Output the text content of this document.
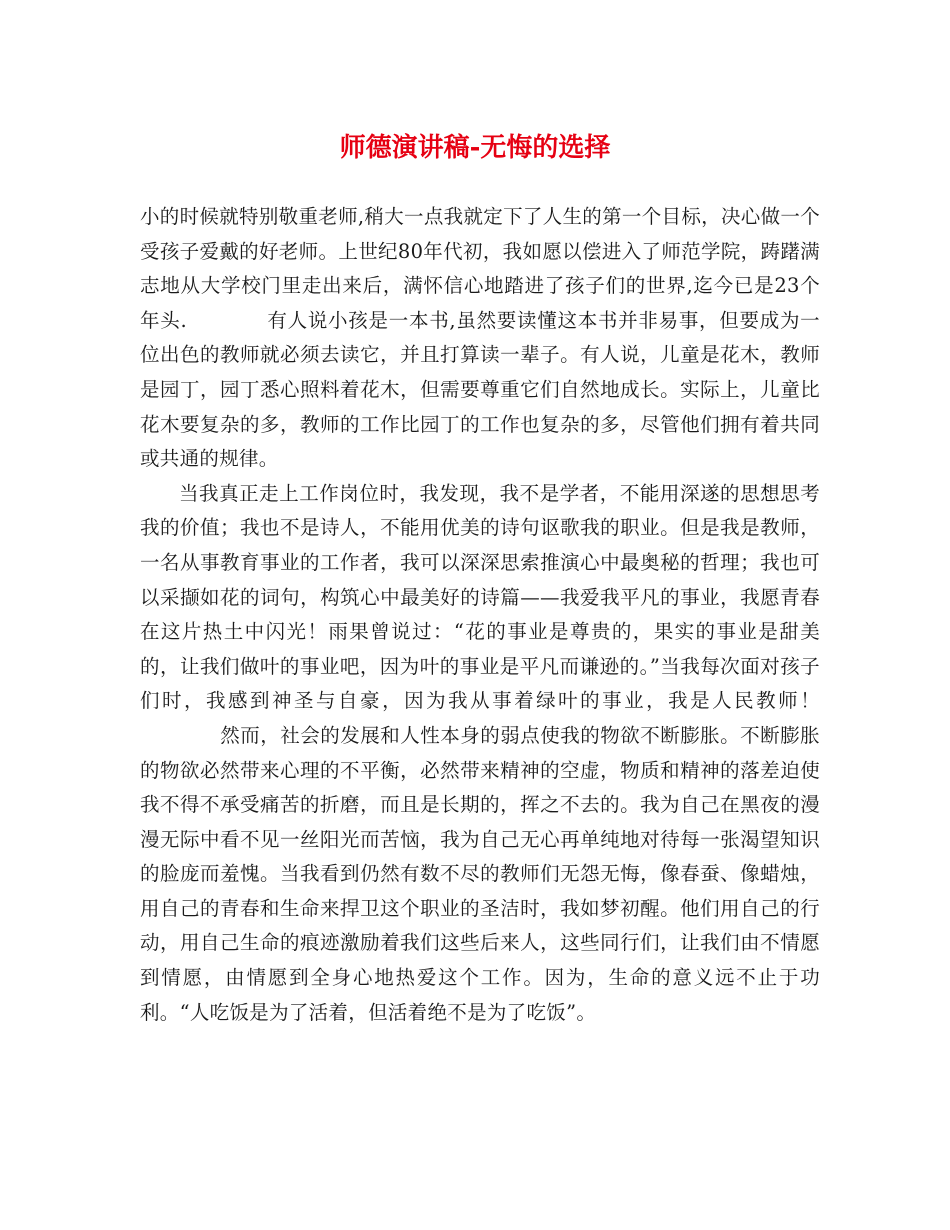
师德演讲稿-无悔的选择

小的时候就特别敬重老师,稍大一点我就定下了人生的第一个目标，决心做一个受孩子爱戴的好老师。上世纪80年代初，我如愿以偿进入了师范学院，踌躇满志地从大学校门里走出来后，满怀信心地踏进了孩子们的世界,迄今已是23个年头.	有人说小孩是一本书,虽然要读懂这本书并非易事，但要成为一位出色的教师就必须去读它，并且打算读一辈子。有人说，儿童是花木，教师是园丁，园丁悉心照料着花木，但需要尊重它们自然地成长。实际上，儿童比花木要复杂的多，教师的工作比园丁的工作也复杂的多，尽管他们拥有着共同或共通的规律。

当我真正走上工作岗位时，我发现，我不是学者，不能用深遂的思想思考我的价值；我也不是诗人，不能用优美的诗句讴歌我的职业。但是我是教师，一名从事教育事业的工作者，我可以深深思索推演心中最奥秘的哲理；我也可以采撷如花的词句，构筑心中最美好的诗篇——我爱我平凡的事业，我愿青春在这片热土中闪光！雨果曾说过：“花的事业是尊贵的，果实的事业是甜美的，让我们做叶的事业吧，因为叶的事业是平凡而谦逊的。”当我每次面对孩子们时，我感到神圣与自豪，因为我从事着绿叶的事业，我是人民教师！然而，社会的发展和人性本身的弱点使我的物欲不断膨胀。不断膨胀的物欲必然带来心理的不平衡，必然带来精神的空虚，物质和精神的落差迫使我不得不承受痛苦的折磨，而且是长期的，挥之不去的。我为自己在黑夜的漫漫无际中看不见一丝阳光而苦恼，我为自己无心再单纯地对待每一张渴望知识的脸庞而羞愧。当我看到仍然有数不尽的教师们无怨无悔，像春蚕、像蜡烛，用自己的青春和生命来捍卫这个职业的圣洁时，我如梦初醒。他们用自己的行动，用自己生命的痕迹激励着我们这些后来人，这些同行们，让我们由不情愿到情愿，由情愿到全身心地热爱这个工作。因为，生命的意义远不止于功利。“人吃饭是为了活着，但活着绝不是为了吃饭”。
